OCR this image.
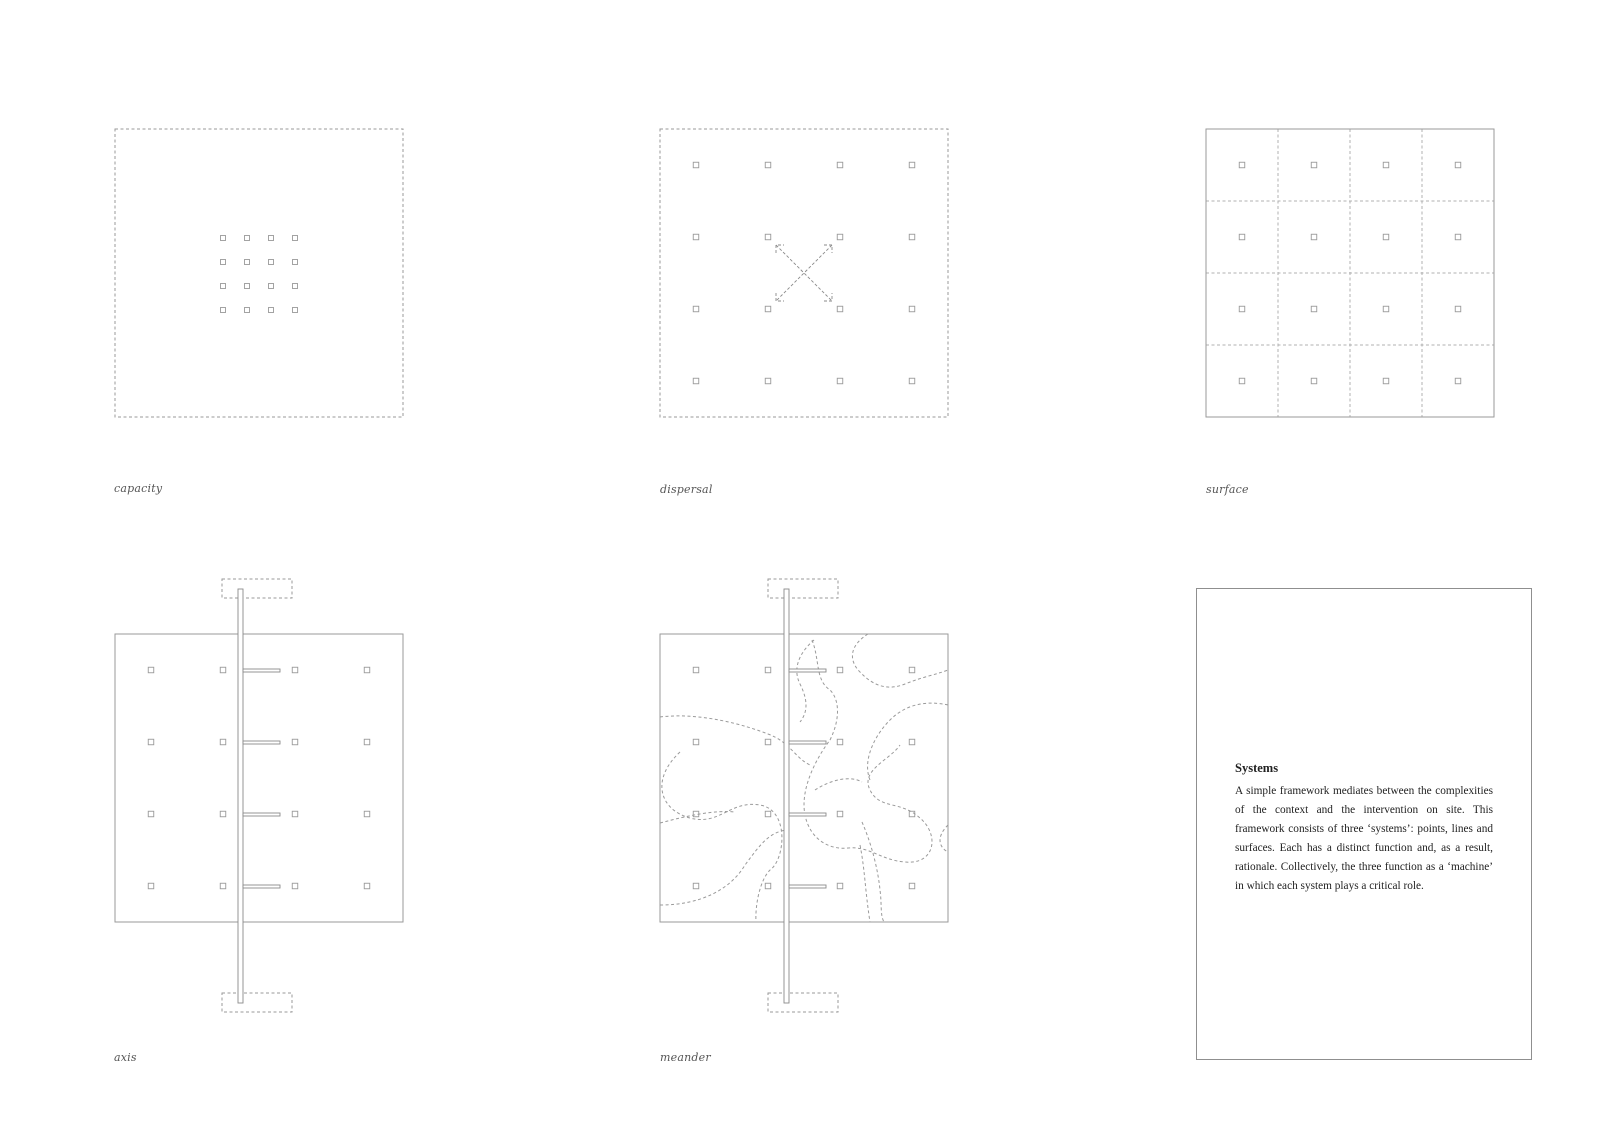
capacity	dispersal	surface
axis	meander

Systems

A simple framework mediates between the complexities of the context and the intervention on site. This framework consists of three ‘systems’: points, lines and surfaces. Each has a distinct function and, as a result, rationale. Collectively, the three function as a ‘machine’ in which each system plays a critical role.
